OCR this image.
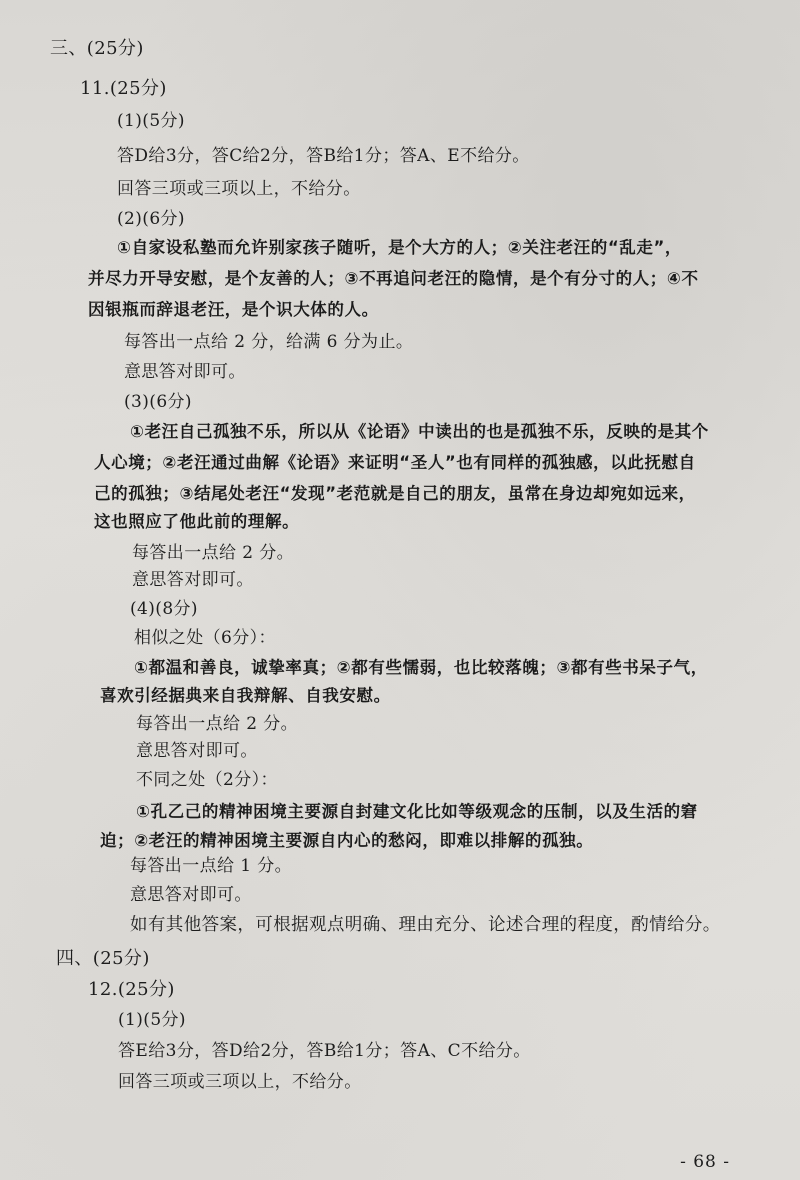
三、(25分)
11.(25分)
(1)(5分)
答D给3分，答C给2分，答B给1分；答A、E不给分。
回答三项或三项以上，不给分。
(2)(6分)
①自家设私塾而允许别家孩子随听，是个大方的人；②关注老汪的“乱走”，
并尽力开导安慰，是个友善的人；③不再追问老汪的隐情，是个有分寸的人；④不
因银瓶而辞退老汪，是个识大体的人。
每答出一点给 2 分，给满 6 分为止。
意思答对即可。
(3)(6分)
①老汪自己孤独不乐，所以从《论语》中读出的也是孤独不乐，反映的是其个
人心境；②老汪通过曲解《论语》来证明“圣人”也有同样的孤独感，以此抚慰自
己的孤独；③结尾处老汪“发现”老范就是自己的朋友，虽常在身边却宛如远来，
这也照应了他此前的理解。
每答出一点给 2 分。
意思答对即可。
(4)(8分)
相似之处（6分）：
①都温和善良，诚挚率真；②都有些懦弱，也比较落魄；③都有些书呆子气，
喜欢引经据典来自我辩解、自我安慰。
每答出一点给 2 分。
意思答对即可。
不同之处（2分）：
①孔乙己的精神困境主要源自封建文化比如等级观念的压制，以及生活的窘
迫；②老汪的精神困境主要源自内心的愁闷，即难以排解的孤独。
每答出一点给 1 分。
意思答对即可。
如有其他答案，可根据观点明确、理由充分、论述合理的程度，酌情给分。
四、(25分)
12.(25分)
(1)(5分)
答E给3分，答D给2分，答B给1分；答A、C不给分。
回答三项或三项以上，不给分。
- 68 -
